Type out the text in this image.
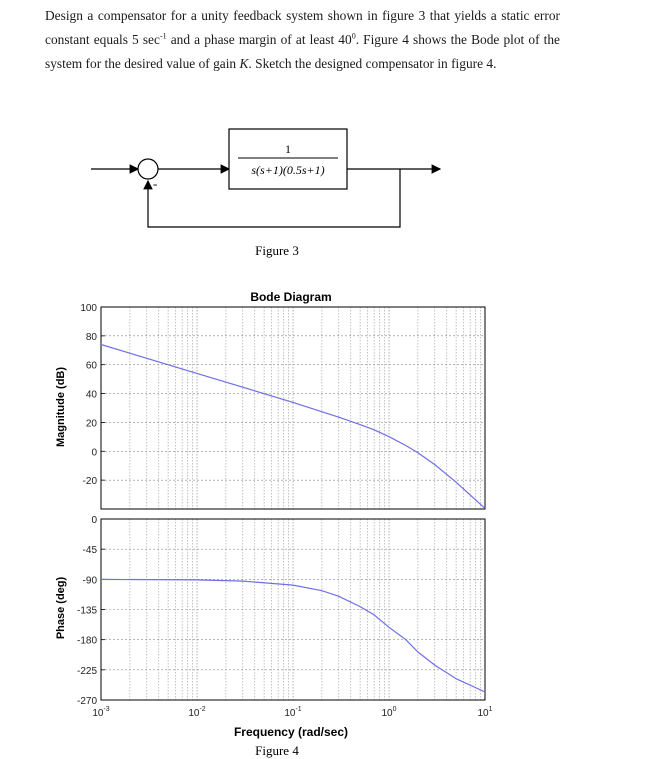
Design a compensator for a unity feedback system shown in figure 3 that yields a static error constant equals 5 $\sec^{-1}$ and a phase margin of at least $40^0$. Figure 4 shows the Bode plot of the system for the desired value of gain K. Sketch the designed compensator in figure 4.
-
1
s(s+1)(0.5s+1)
Figure 3
Bode Diagram
100
80
60
40
20
0
-20
0
-45
-90
-135
-180
-225
-270
$10^{-3}$	$10^{-2}$	$10^{-1}$	$10^0$	$10^1$
Magnitude (dB)
Phase (deg)
Frequency (rad/sec)
Figure 4
